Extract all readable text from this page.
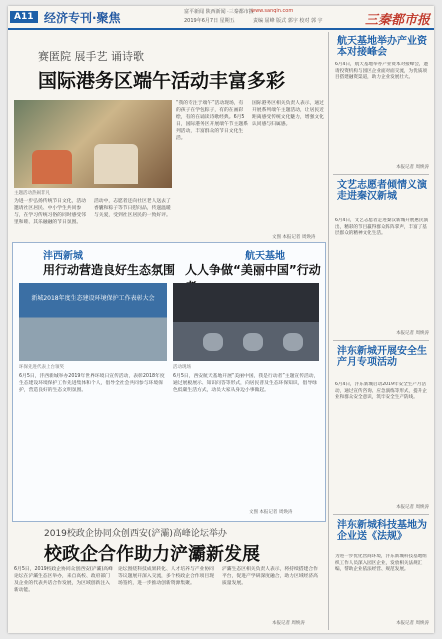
A11 经济专刊·聚焦	富平新闻 陕西新闻 ·三秦都市报
www.sanqin.com
2019年6月7日 星期五	责编 屈峰 版式 郭宇 校对 郭 宇	三秦都市报
赛匿院 展手艺 诵诗歌
国际港务区端午活动丰富多彩
主题活动热闹非凡
“我的专注于端午”活动现场，有的孩子在学包粽子，有的在画彩绘，有的在诵读诗歌经典。6月5日，国际港务区开展端午节主题系列活动，丰富群众的节日文化生活。
国际港务区相关负责人表示，通过开展系列端午主题活动，让居民近距离感受传统文化魅力，增强文化认同感与归属感。
为进一步弘扬传统节日文化，活动邀请社区居民、中小学生共同参与，在学习传统习俗的同时感受邻里和睦、其乐融融的节日氛围。
活动中，志愿者还向社区老人送去了香囊和粽子等节日慰问品，传递温暖与关爱，受到社区居民的一致好评。
文图 本报记者 周焕涛
沣西新城
用行动营造良好生态氛围
航天基地
人人争做“美丽中国”行动
新城2018年度生态建设环境保护工作表彰大会
环保先进代表上台领奖	活动现场
6月5日，沣西新城举办2019年世界环境日宣传活动，表彰2018年度生态建设环境保护工作先进集体和个人，倡导全社会共同参与环境保护，营造良好的生态文明氛围。
6月5日，西安航天基地开展“美丽中国，我是行动者”主题宣传活动，通过展板展示、知识问答等形式，向居民普及生态环保知识，倡导绿色低碳生活方式，动员大家从身边小事做起。
文图 本报记者 周焕涛
2019校政企协同众创西安(浐灞)高峰论坛举办
校政企合作助力浐灞新发展
6月5日，2019校政企协同众创西安(浐灞)高峰论坛在浐灞生态区举办，来自高校、政府部门及企业的代表共话合作发展，为区域创新注入新动能。
论坛围绕科技成果转化、人才培养与产业协同等议题展开深入交流，多个校政企合作项目现场签约，进一步推动创新资源集聚。
浐灞生态区相关负责人表示，将持续搭建合作平台，促进产学研深度融合，助力区域经济高质量发展。
本报记者 周焕涛
航天基地举办产业资本对接峰会
6月4日，航天基地举办产业资本对接峰会，邀请投资机构与园区企业面对面交流，为优质项目搭建融资渠道，助力企业发展壮大。
本报记者 周焕涛
文艺志愿者倾情义演走进秦汉新城
6月4日，文艺志愿者走进秦汉新城开展惠民演出，精彩的节目赢得群众阵阵掌声，丰富了基层群众的精神文化生活。
本报记者 周焕涛
沣东新城开展安全生产月专项活动
6月4日，沣东新城启动2019年安全生产月活动，通过宣传咨询、应急演练等形式，提升企业和群众安全意识，筑牢安全生产防线。
本报记者 周焕涛
沣东新城科技基地为企业送《法规》
为进一步优化营商环境，沣东新城科技基地组织工作人员深入园区企业，发放相关法规汇编，帮助企业依法经营、规范发展。
本报记者 周焕涛
